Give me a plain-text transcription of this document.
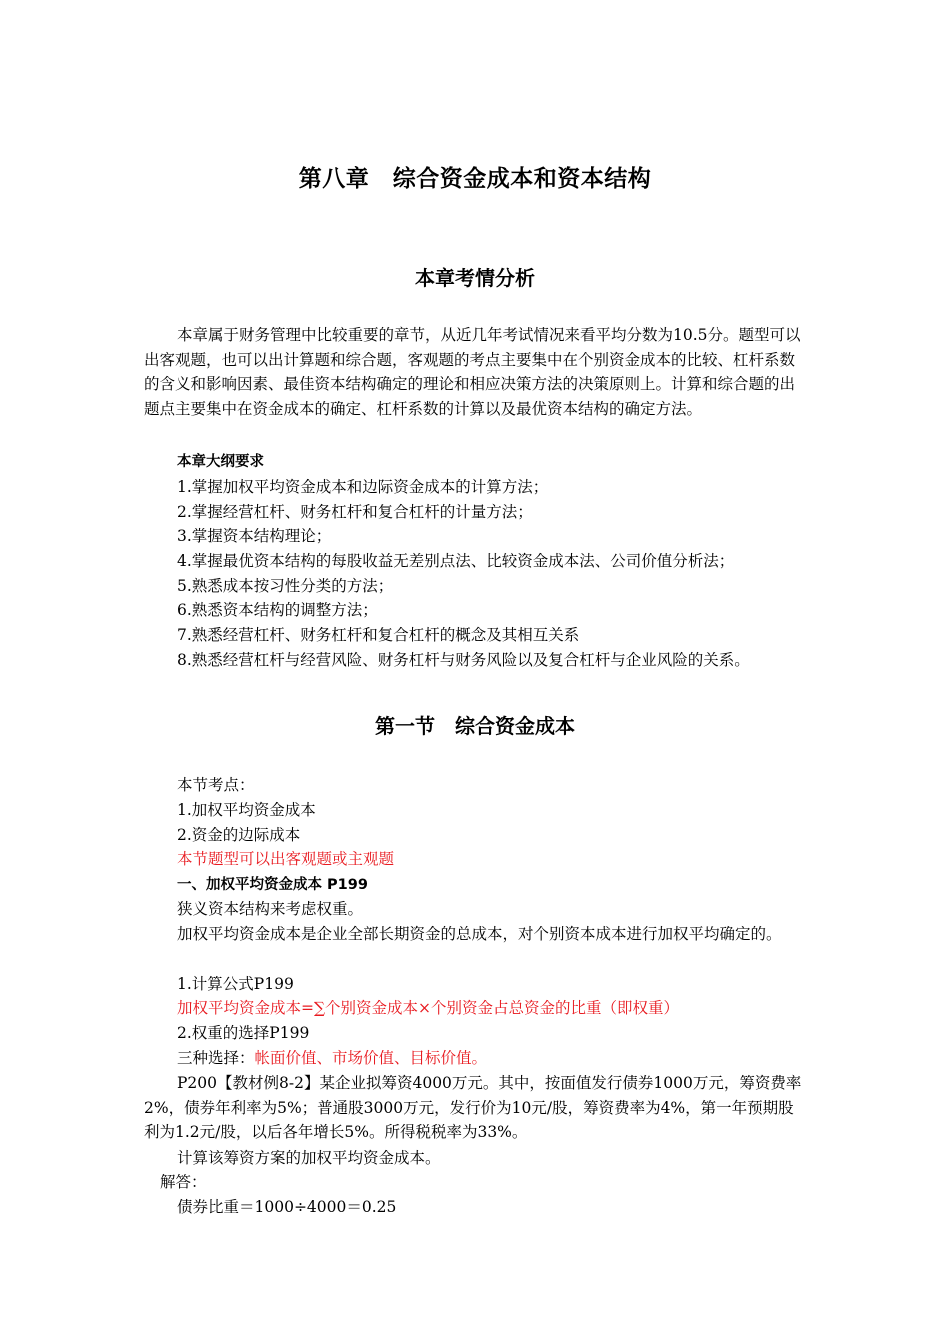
第八章　综合资金成本和资本结构
本章考情分析
本章属于财务管理中比较重要的章节，从近几年考试情况来看平均分数为10.5分。题型可以出客观题，也可以出计算题和综合题，客观题的考点主要集中在个别资金成本的比较、杠杆系数的含义和影响因素、最佳资本结构确定的理论和相应决策方法的决策原则上。计算和综合题的出题点主要集中在资金成本的确定、杠杆系数的计算以及最优资本结构的确定方法。
本章大纲要求
1.掌握加权平均资金成本和边际资金成本的计算方法；
2.掌握经营杠杆、财务杠杆和复合杠杆的计量方法；
3.掌握资本结构理论；
4.掌握最优资本结构的每股收益无差别点法、比较资金成本法、公司价值分析法；
5.熟悉成本按习性分类的方法；
6.熟悉资本结构的调整方法；
7.熟悉经营杠杆、财务杠杆和复合杠杆的概念及其相互关系
8.熟悉经营杠杆与经营风险、财务杠杆与财务风险以及复合杠杆与企业风险的关系。
第一节　综合资金成本
本节考点：
1.加权平均资金成本
2.资金的边际成本
本节题型可以出客观题或主观题
一、加权平均资金成本 P199
狭义资本结构来考虑权重。
加权平均资金成本是企业全部长期资金的总成本，对个别资本成本进行加权平均确定的。
1.计算公式P199
加权平均资金成本=∑个别资金成本×个别资金占总资金的比重（即权重）
2.权重的选择P199
三种选择：帐面价值、市场价值、目标价值。
P200【教材例8-2】某企业拟筹资4000万元。其中，按面值发行债券1000万元，筹资费率2%，债券年利率为5%；普通股3000万元，发行价为10元/股，筹资费率为4%，第一年预期股利为1.2元/股，以后各年增长5%。所得税税率为33%。
计算该筹资方案的加权平均资金成本。
解答：
债券比重＝1000÷4000＝0.25
